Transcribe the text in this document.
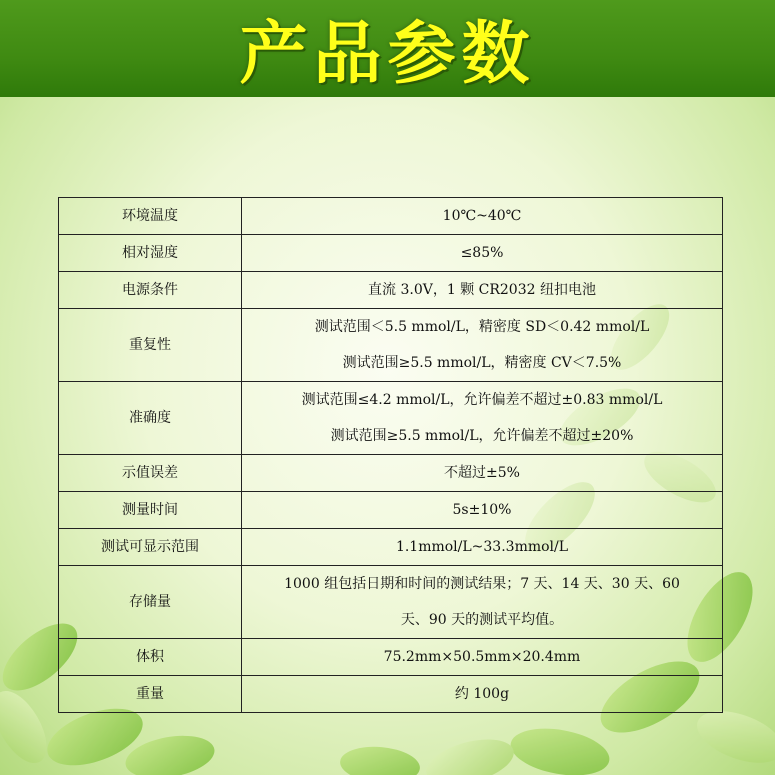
产品参数
环境温度	10℃~40℃

相对湿度	≤85%

电源条件	直流 3.0V，1 颗 CR2032 纽扣电池

重复性	测试范围＜5.5 mmol/L，精密度 SD＜0.42 mmol/L
测试范围≥5.5 mmol/L，精密度 CV＜7.5%

准确度	测试范围≤4.2 mmol/L，允许偏差不超过±0.83 mmol/L
测试范围≥5.5 mmol/L，允许偏差不超过±20%

示值误差	不超过±5%

测量时间	5s±10%

测试可显示范围	1.1mmol/L~33.3mmol/L

存储量	1000 组包括日期和时间的测试结果；7 天、14 天、30 天、60
天、90 天的测试平均值。

体积	75.2mm×50.5mm×20.4mm

重量	约 100g
